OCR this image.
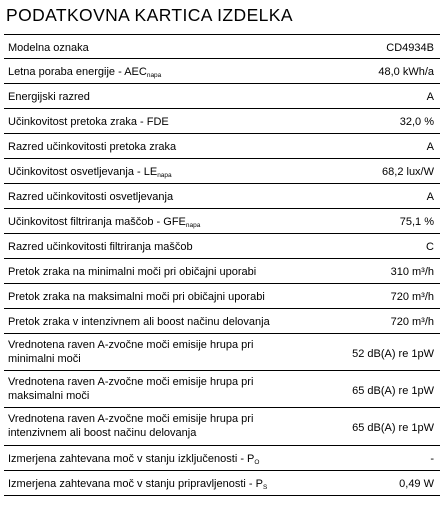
PODATKOVNA KARTICA IZDELKA
Modelna oznaka	CD4934B
Letna poraba energije - $AEC_{napa}$	48,0 kWh/a
Energijski razred	A
Učinkovitost pretoka zraka - FDE	32,0 %
Razred učinkovitosti pretoka zraka	A
Učinkovitost osvetljevanja - $LE_{napa}$	68,2 lux/W
Razred učinkovitosti osvetljevanja	A
Učinkovitost filtriranja maščob - $GFE_{napa}$	75,1 %
Razred učinkovitosti filtriranja maščob	C
Pretok zraka na minimalni moči pri običajni uporabi	310 m³/h
Pretok zraka na maksimalni moči pri običajni uporabi	720 m³/h
Pretok zraka v intenzivnem ali boost načinu delovanja	720 m³/h
Vrednotena raven A-zvočne moči emisije hrupa pri minimalni moči	52 dB(A) re 1pW
Vrednotena raven A-zvočne moči emisije hrupa pri maksimalni moči	65 dB(A) re 1pW
Vrednotena raven A-zvočne moči emisije hrupa pri intenzivnem ali boost načinu delovanja	65 dB(A) re 1pW
Izmerjena zahtevana moč v stanju izključenosti - $P_O$	-
Izmerjena zahtevana moč v stanju pripravljenosti - $P_S$	0,49 W
